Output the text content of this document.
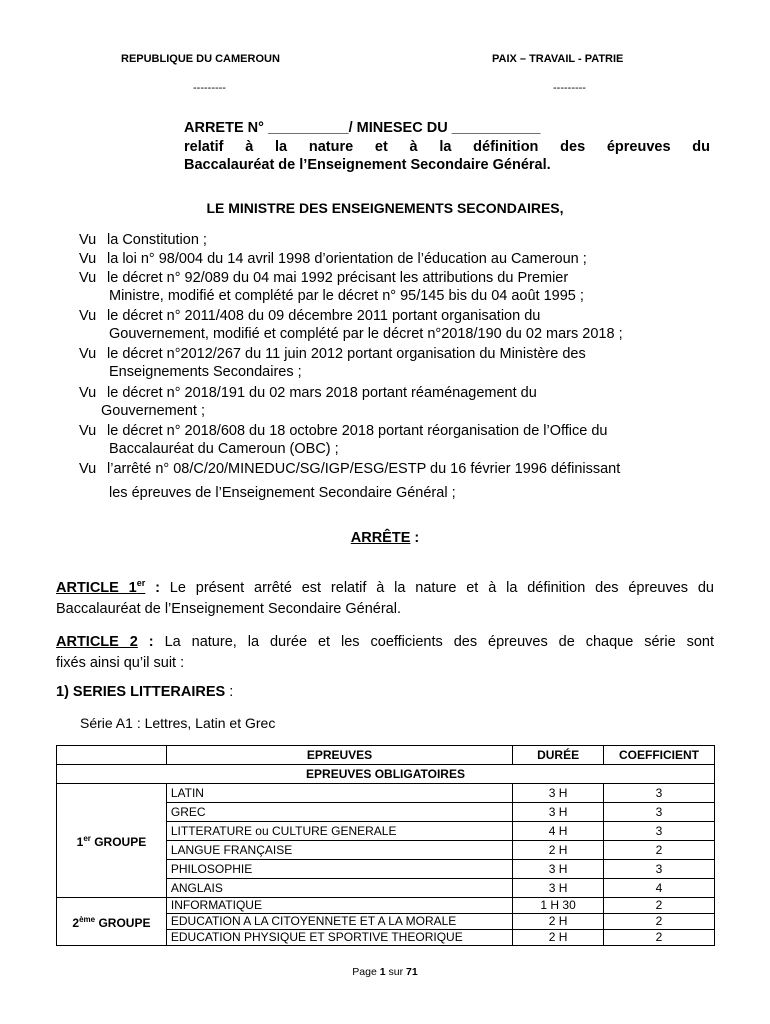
REPUBLIQUE DU CAMEROUN	PAIX – TRAVAIL - PATRIE
---------	---------
ARRETE N° __________/ MINESEC DU ___________
relatif à la nature et à la définition des épreuves du
Baccalauréat de l’Enseignement Secondaire Général.
LE MINISTRE DES ENSEIGNEMENTS SECONDAIRES,
Vu la Constitution ;
Vu la loi n° 98/004 du 14 avril 1998 d’orientation de l’éducation au Cameroun ;
Vu le décret n° 92/089 du 04 mai 1992 précisant les attributions du Premier
Ministre, modifié et complété par le décret n° 95/145 bis du 04 août 1995 ;
Vu le décret n° 2011/408 du 09 décembre 2011 portant organisation du
Gouvernement, modifié et complété par le décret n°2018/190 du 02 mars 2018 ;
Vu le décret n°2012/267 du 11 juin 2012 portant organisation du Ministère des
Enseignements Secondaires ;
Vu le décret n° 2018/191 du 02 mars 2018 portant réaménagement du
Gouvernement ;
Vu le décret n° 2018/608 du 18 octobre 2018 portant réorganisation de l’Office du
Baccalauréat du Cameroun (OBC) ;
Vu l’arrêté n° 08/C/20/MINEDUC/SG/IGP/ESG/ESTP du 16 février 1996 définissant
les épreuves de l’Enseignement Secondaire Général ;
ARRÊTE :
ARTICLE 1er : Le présent arrêté est relatif à la nature et à la définition des épreuves du
Baccalauréat de l’Enseignement Secondaire Général.
ARTICLE 2 : La nature, la durée et les coefficients des épreuves de chaque série sont
fixés ainsi qu’il suit :
1) SERIES LITTERAIRES :
Série A1 : Lettres, Latin et Grec
	EPREUVES	DURÉE	COEFFICIENT
EPREUVES OBLIGATOIRES			
1er GROUPE	LATIN	3 H	3
	GREC	3 H	3
	LITTERATURE ou CULTURE GENERALE	4 H	3
	LANGUE FRANÇAISE	2 H	2
	PHILOSOPHIE	3 H	3
	ANGLAIS	3 H	4
2ème GROUPE	INFORMATIQUE	1 H 30	2
	EDUCATION A LA CITOYENNETE ET A LA MORALE	2 H	2
	EDUCATION PHYSIQUE ET SPORTIVE THEORIQUE	2 H	2
Page 1 sur 71
